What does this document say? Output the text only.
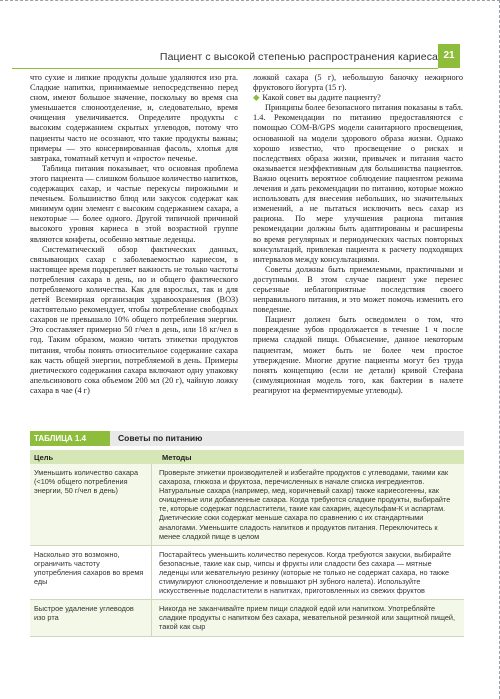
Пациент с высокой степенью распространения кариеса 21

что сухие и липкие продукты дольше удаляются изо рта. Сладкие напитки, принимаемые непосредственно перед сном, имеют большое значение, поскольку во время сна уменьшается слюноотделение, и, следовательно, время очищения увеличивается. Определите продукты с высоким содержанием скрытых углеводов, потому что пациенты часто не осознают, что такие продукты важны; примеры — это консервированная фасоль, хлопья для завтрака, томатный кетчуп и «просто» печенье.

Таблица питания показывает, что основная проблема этого пациента — слишком большое количество напитков, содержащих сахар, и частые перекусы пирожными и печеньем. Большинство блюд или закусок содержат как минимум один элемент с высоким содержанием сахара, а некоторые — более одного. Другой типичной причиной высокого уровня кариеса в этой возрастной группе являются конфеты, особенно мятные леденцы.

Систематический обзор фактических данных, связывающих сахар с заболеваемостью кариесом, в настоящее время подкрепляет важность не только частоты потребления сахара в день, но и общего фактического потребляемого количества. Как для взрослых, так и для детей Всемирная организация здравоохранения (ВОЗ) настоятельно рекомендует, чтобы потребление свободных сахаров не превышало 10% общего потребления энергии. Это составляет примерно 50 г/чел в день, или 18 кг/чел в год. Таким образом, можно читать этикетки продуктов питания, чтобы понять относительное содержание сахара как часть общей энергии, потребляемой в день. Примеры диетического содержания сахара включают одну упаковку апельсинового сока объемом 200 мл (20 г), чайную ложку сахара в чае (4 г)

ложкой сахара (5 г), небольшую баночку нежирного фруктового йогурта (15 г).

◆ Какой совет вы дадите пациенту?

Принципы более безопасного питания показаны в табл. 1.4. Рекомендации по питанию предоставляются с помощью COM-B/GPS модели санитарного просвещения, основанной на модели здорового образа жизни. Однако хорошо известно, что просвещение о рисках и последствиях образа жизни, привычек и питания часто оказывается неэффективным для большинства пациентов. Важно оценить вероятное соблюдение пациентом режима лечения и дать рекомендации по питанию, которые можно использовать для внесения небольших, но значительных изменений, а не пытаться исключить весь сахар из рациона. По мере улучшения рациона питания рекомендации должны быть адаптированы и расширены во время регулярных и периодических частых повторных консультаций, привлекая пациента к расчету подходящих интервалов между консультациями.

Советы должны быть приемлемыми, практичными и доступными. В этом случае пациент уже перенес серьезные неблагоприятные последствия своего неправильного питания, и это может помочь изменить его поведение.

Пациент должен быть осведомлен о том, что повреждение зубов продолжается в течение 1 ч после приема сладкой пищи. Объяснение, данное некоторым пациентам, может быть не более чем простое утверждение. Многие другие пациенты могут без труда понять концепцию (если не детали) кривой Стефана (симуляционная модель того, как бактерии в налете реагируют на ферментируемые углеводы).

ТАБЛИЦА 1.4	Советы по питанию
Цель	Методы
Уменьшить количество сахара (<10% общего потребления энергии, 50 г/чел в день)
Проверьте этикетки производителей и избегайте продуктов с углеводами, такими как сахароза, глюкоза и фруктоза, перечисленных в начале списка ингредиентов. Натуральные сахара (например, мед, коричневый сахар) также кариесогенны, как очищенные или добавленные сахара. Когда требуются сладкие продукты, выбирайте те, которые содержат подсластители, такие как сахарин, ацесульфам-К и аспартам. Диетические соки содержат меньше сахара по сравнению с их стандартными аналогами. Уменьшите сладость напитков и продуктов питания. Переключитесь к менее сладкой пище в целом
Насколько это возможно, ограничить частоту употребления сахаров во время еды
Постарайтесь уменьшить количество перекусов. Когда требуются закуски, выбирайте безопасные, такие как сыр, чипсы и фрукты или сладости без сахара — мятные леденцы или жевательную резинку (которые не только не содержат сахара, но также стимулируют слюноотделение и повышают pH зубного налета). Используйте искусственные подсластители в напитках, приготовленных из свежих фруктов
Быстрое удаление углеводов изо рта
Никогда не заканчивайте прием пищи сладкой едой или напитком. Употребляйте сладкие продукты с напитком без сахара, жевательной резинкой или защитной пищей, такой как сыр
